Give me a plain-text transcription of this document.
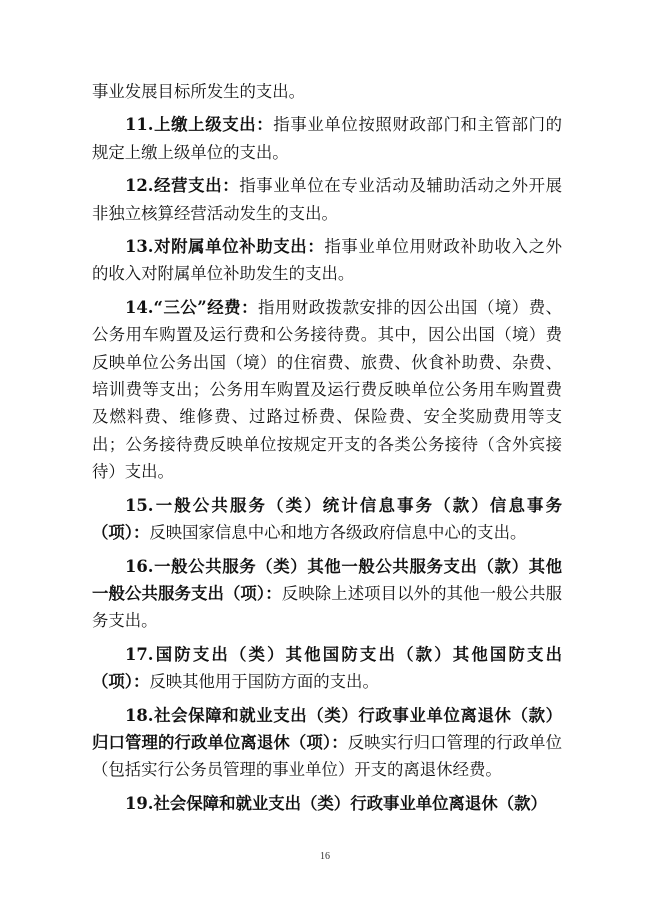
事业发展目标所发生的支出。

11.上缴上级支出：指事业单位按照财政部门和主管部门的规定上缴上级单位的支出。

12.经营支出：指事业单位在专业活动及辅助活动之外开展非独立核算经营活动发生的支出。

13.对附属单位补助支出：指事业单位用财政补助收入之外的收入对附属单位补助发生的支出。

14.“三公”经费：指用财政拨款安排的因公出国（境）费、公务用车购置及运行费和公务接待费。其中，因公出国（境）费反映单位公务出国（境）的住宿费、旅费、伙食补助费、杂费、培训费等支出；公务用车购置及运行费反映单位公务用车购置费及燃料费、维修费、过路过桥费、保险费、安全奖励费用等支出；公务接待费反映单位按规定开支的各类公务接待（含外宾接待）支出。

15.一般公共服务（类）统计信息事务（款）信息事务（项）：反映国家信息中心和地方各级政府信息中心的支出。

16.一般公共服务（类）其他一般公共服务支出（款）其他一般公共服务支出（项）：反映除上述项目以外的其他一般公共服务支出。

17.国防支出（类）其他国防支出（款）其他国防支出（项）：反映其他用于国防方面的支出。

18.社会保障和就业支出（类）行政事业单位离退休（款）归口管理的行政单位离退休（项）：反映实行归口管理的行政单位（包括实行公务员管理的事业单位）开支的离退休经费。

19.社会保障和就业支出（类）行政事业单位离退休（款）

16
